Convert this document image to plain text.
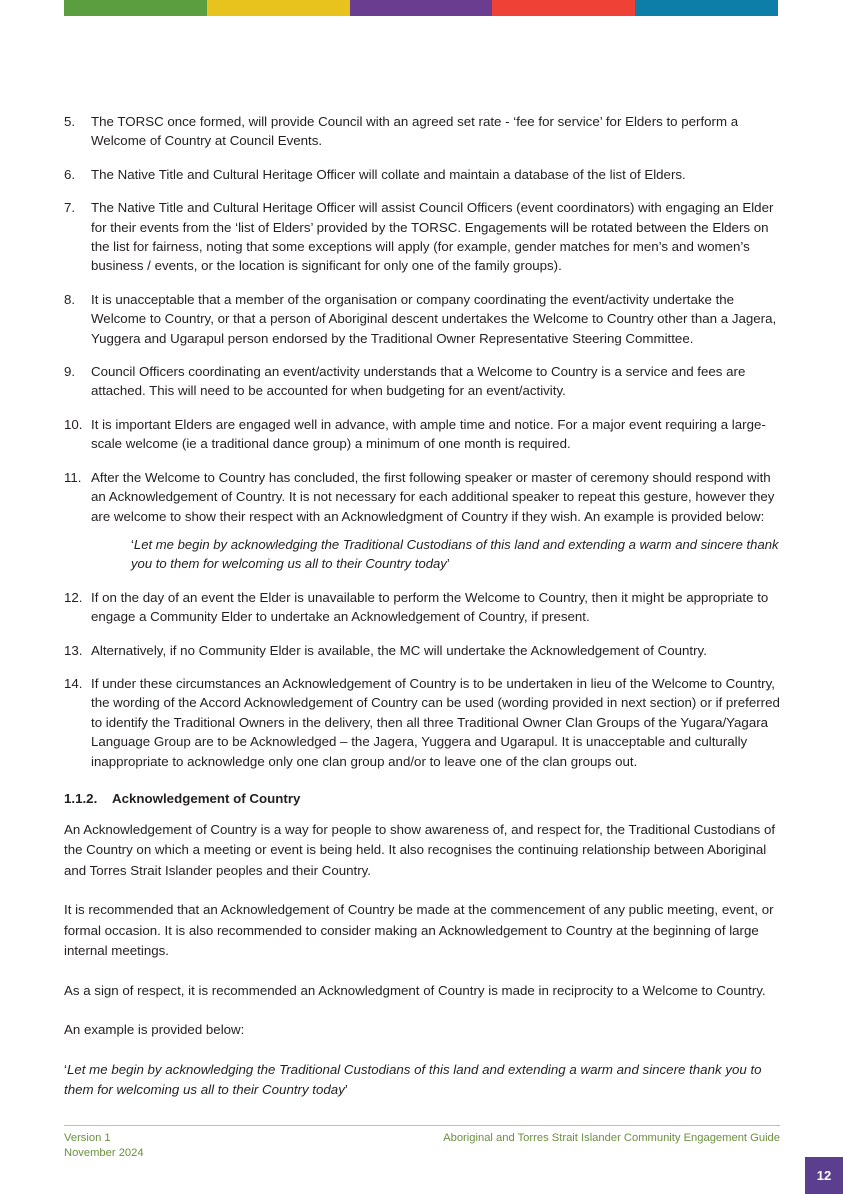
5.	The TORSC once formed, will provide Council with an agreed set rate - ‘fee for service’ for Elders to perform a Welcome of Country at Council Events.
6.	The Native Title and Cultural Heritage Officer will collate and maintain a database of the list of Elders.
7.	The Native Title and Cultural Heritage Officer will assist Council Officers (event coordinators) with engaging an Elder for their events from the ‘list of Elders’ provided by the TORSC. Engagements will be rotated between the Elders on the list for fairness, noting that some exceptions will apply (for example, gender matches for men’s and women’s business / events, or the location is significant for only one of the family groups).
8.	It is unacceptable that a member of the organisation or company coordinating the event/activity undertake the Welcome to Country, or that a person of Aboriginal descent undertakes the Welcome to Country other than a Jagera, Yuggera and Ugarapul person endorsed by the Traditional Owner Representative Steering Committee.
9.	Council Officers coordinating an event/activity understands that a Welcome to Country is a service and fees are attached. This will need to be accounted for when budgeting for an event/activity.
10. It is important Elders are engaged well in advance, with ample time and notice. For a major event requiring a large-scale welcome (ie a traditional dance group) a minimum of one month is required.
11. After the Welcome to Country has concluded, the first following speaker or master of ceremony should respond with an Acknowledgement of Country. It is not necessary for each additional speaker to repeat this gesture, however they are welcome to show their respect with an Acknowledgment of Country if they wish. An example is provided below:
‘Let me begin by acknowledging the Traditional Custodians of this land and extending a warm and sincere thank you to them for welcoming us all to their Country today’
12. If on the day of an event the Elder is unavailable to perform the Welcome to Country, then it might be appropriate to engage a Community Elder to undertake an Acknowledgement of Country, if present.
13. Alternatively, if no Community Elder is available, the MC will undertake the Acknowledgement of Country.
14. If under these circumstances an Acknowledgement of Country is to be undertaken in lieu of the Welcome to Country, the wording of the Accord Acknowledgement of Country can be used (wording provided in next section) or if preferred to identify the Traditional Owners in the delivery, then all three Traditional Owner Clan Groups of the Yugara/Yagara Language Group are to be Acknowledged – the Jagera, Yuggera and Ugarapul. It is unacceptable and culturally inappropriate to acknowledge only one clan group and/or to leave one of the clan groups out.
1.1.2. Acknowledgement of Country

An Acknowledgement of Country is a way for people to show awareness of, and respect for, the Traditional Custodians of the Country on which a meeting or event is being held. It also recognises the continuing relationship between Aboriginal and Torres Strait Islander peoples and their Country.

It is recommended that an Acknowledgement of Country be made at the commencement of any public meeting, event, or formal occasion. It is also recommended to consider making an Acknowledgement to Country at the beginning of large internal meetings.

As a sign of respect, it is recommended an Acknowledgment of Country is made in reciprocity to a Welcome to Country.

An example is provided below:

‘Let me begin by acknowledging the Traditional Custodians of this land and extending a warm and sincere thank you to them for welcoming us all to their Country today’

Version 1
November 2024
Aboriginal and Torres Strait Islander Community Engagement Guide
12
